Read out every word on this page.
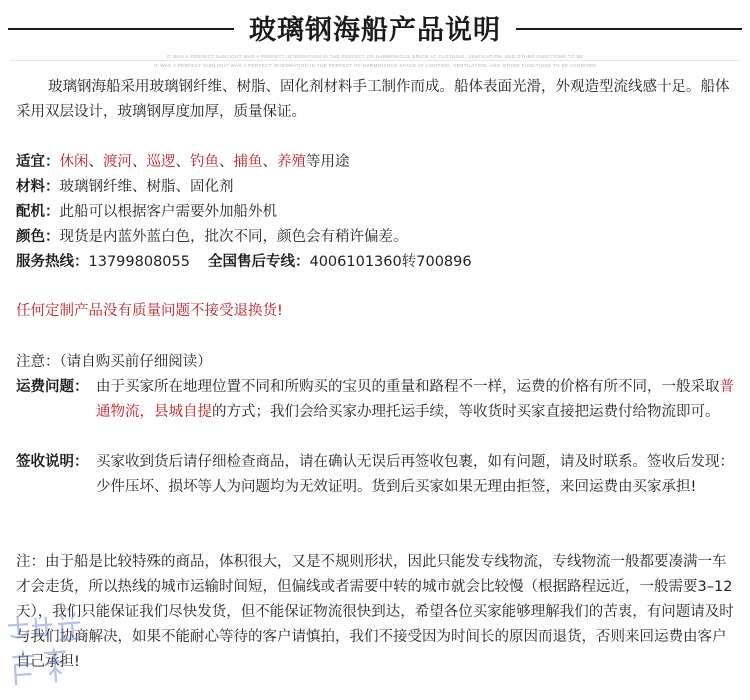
玻璃钢海船产品说明
IT WAS A PERFECT SUNLIGHT WAS A PERFECT INTEGRATION IN THE PERFECT OF HARMONIOUS SPACE AT CLOTHING, VENTILATION, AND OTHER FUNCTIONS TO BE
IT WAS A PERFECT SUNLIGHT WAS A PERFECT INTEGRATION IN THE PERFECT OF HARMONIOUS SPACE AT LIGHTING, VENTILATION, AND OTHER FUNCTIONS TO BE ACHIEVED
玻璃钢海船采用玻璃钢纤维、树脂、固化剂材料手工制作而成。船体表面光滑，外观造型流线感十足。船体采用双层设计，玻璃钢厚度加厚，质量保证。
适宜：休闲、渡河、巡逻、钓鱼、捕鱼、养殖等用途
材料：玻璃钢纤维、树脂、固化剂
配机：此船可以根据客户需要外加船外机
颜色：现货是内蓝外蓝白色，批次不同，颜色会有稍许偏差。
服务热线：13799808055 全国售后专线：4006101360转700896
任何定制产品没有质量问题不接受退换货!
注意：（请自购买前仔细阅读）
运费问题： 由于买家所在地理位置不同和所购买的宝贝的重量和路程不一样，运费的价格有所不同，一般采取普通物流，县城自提的方式；我们会给买家办理托运手续，等收货时买家直接把运费付给物流即可。
签收说明： 买家收到货后请仔细检查商品，请在确认无误后再签收包裹，如有问题，请及时联系。签收后发现：少件压坏、损坏等人为问题均为无效证明。货到后买家如果无理由拒签，来回运费由买家承担!
注：由于船是比较特殊的商品，体积很大，又是不规则形状，因此只能发专线物流，专线物流一般都要凑满一车才会走货，所以热线的城市运输时间短，但偏线或者需要中转的城市就会比较慢（根据路程远近，一般需要3–12天），我们只能保证我们尽快发货，但不能保证物流很快到达，希望各位买家能够理解我们的苦衷，有问题请及时与我们协商解决，如果不能耐心等待的客户请慎拍，我们不接受因为时间长的原因而退货，否则来回运费由客户自己承担!
